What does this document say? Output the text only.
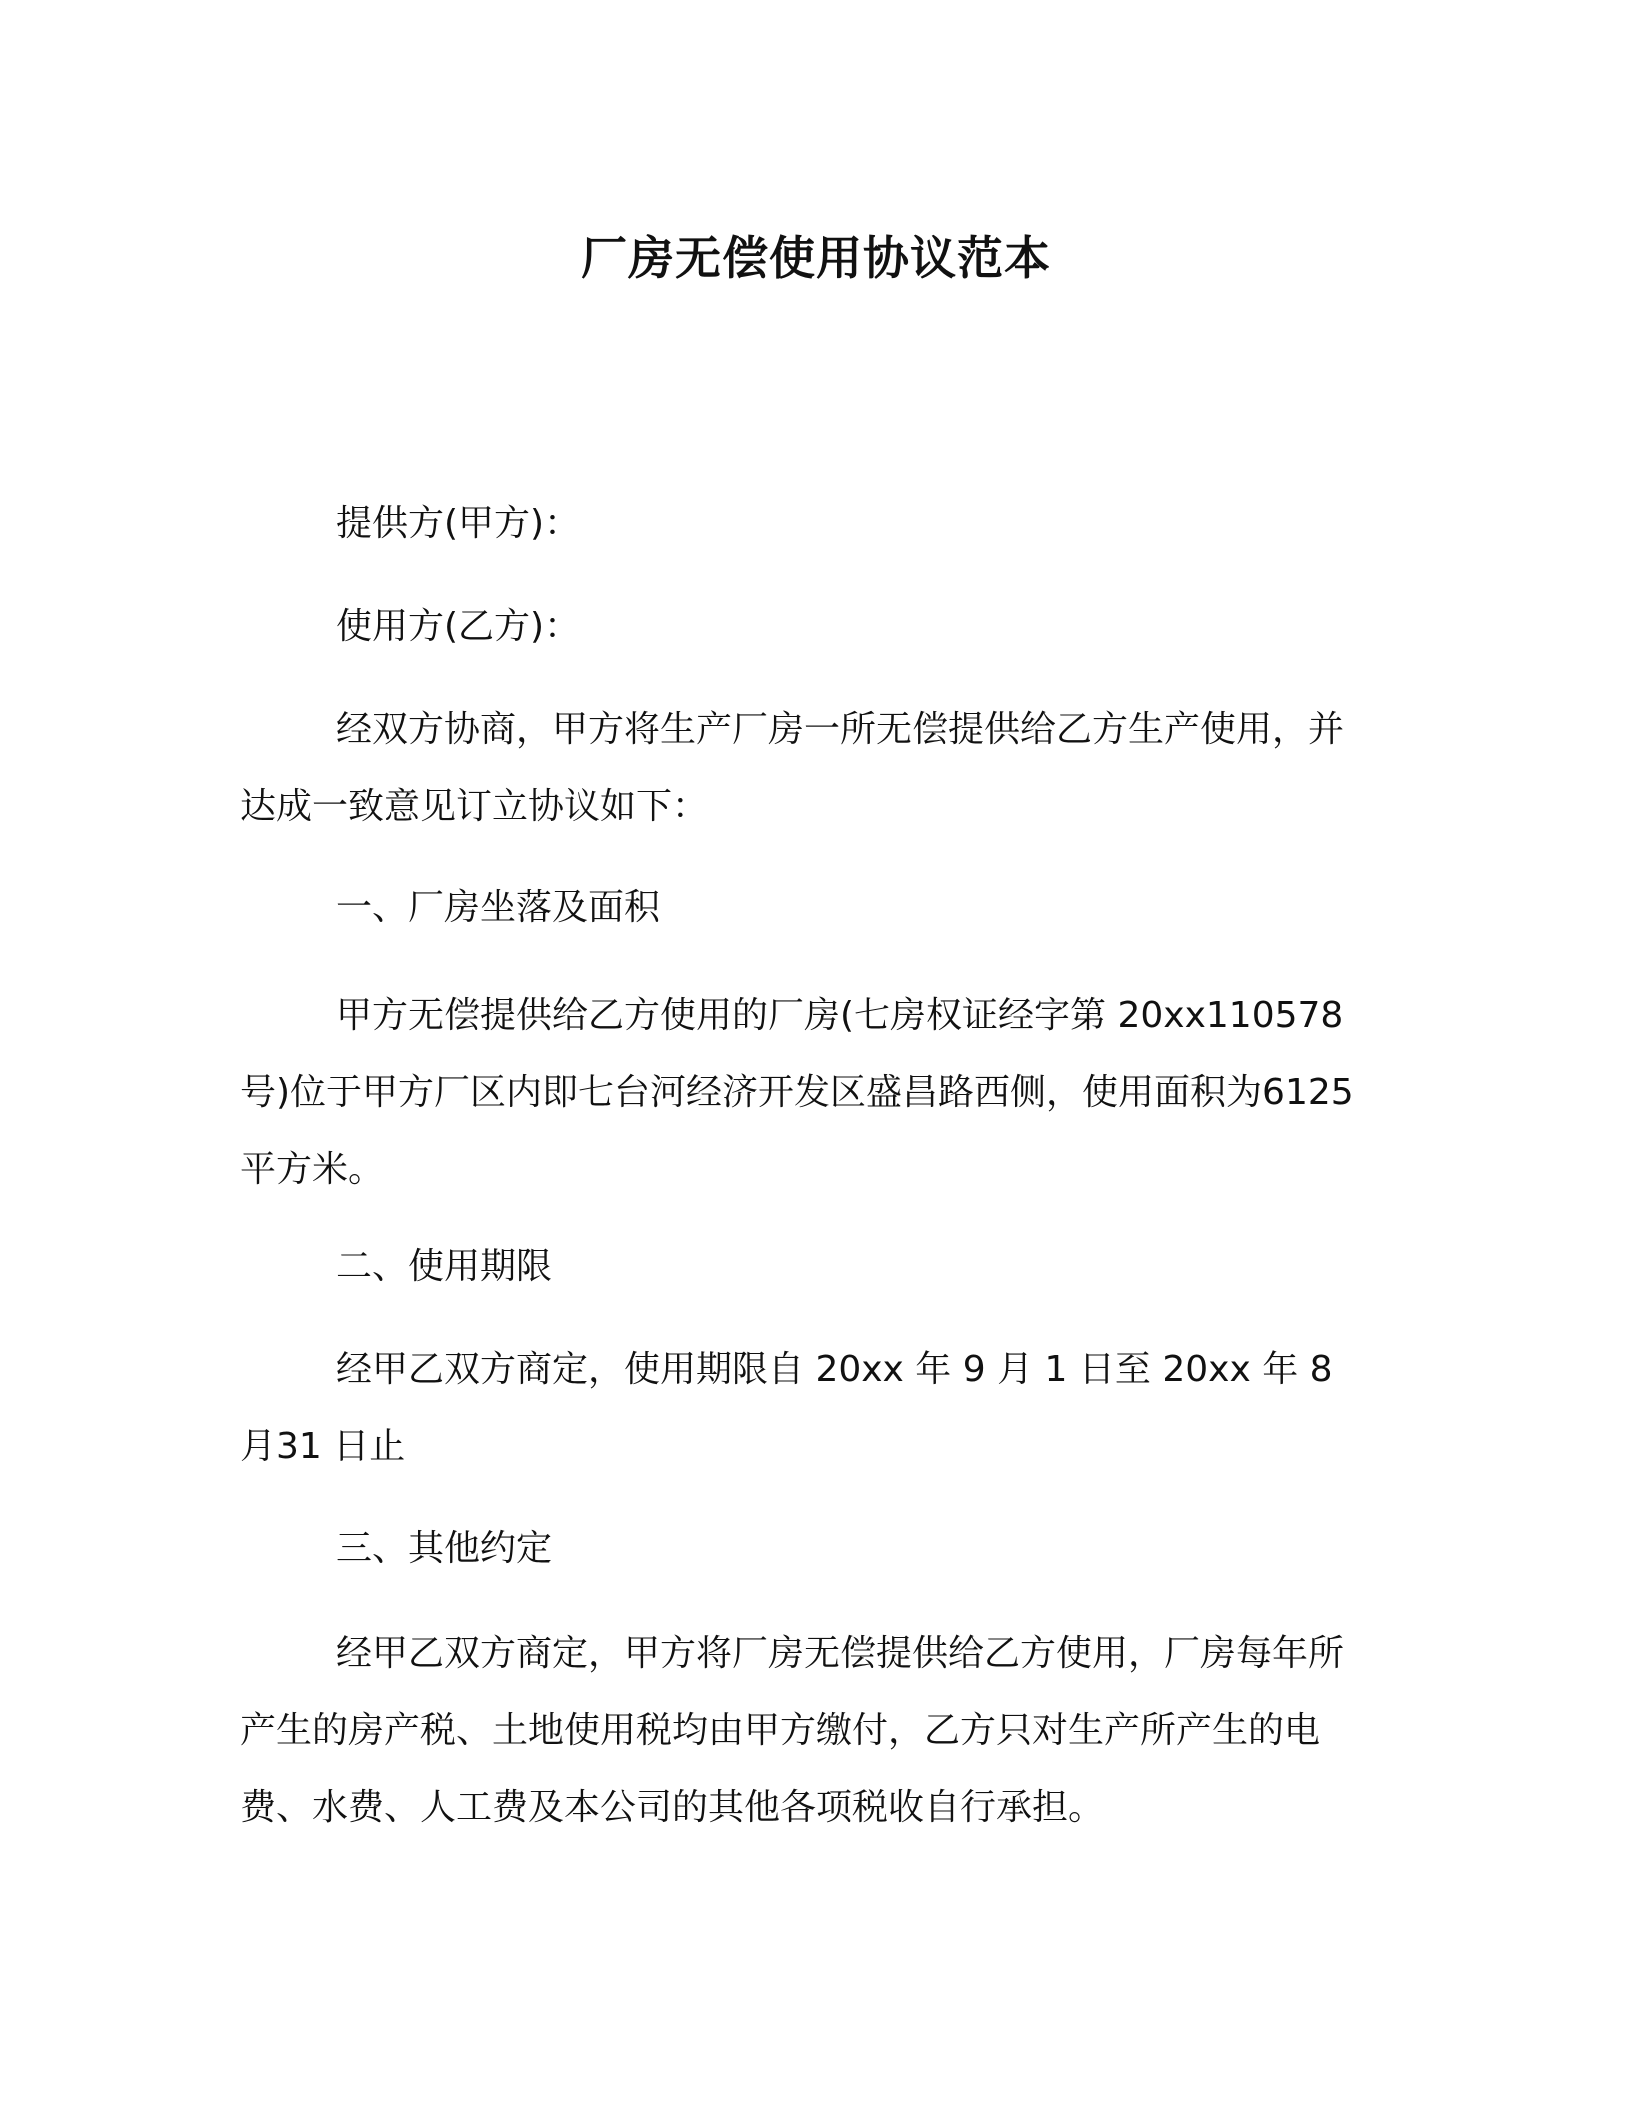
厂房无偿使用协议范本

提供方(甲方)：

使用方(乙方)：

经双方协商，甲方将生产厂房一所无偿提供给乙方生产使用，并达成一致意见订立协议如下：

一、厂房坐落及面积

甲方无偿提供给乙方使用的厂房(七房权证经字第 20xx110578号)位于甲方厂区内即七台河经济开发区盛昌路西侧，使用面积为6125 平方米。

二、使用期限

经甲乙双方商定，使用期限自 20xx 年 9 月 1 日至 20xx 年 8 月31 日止

三、其他约定

经甲乙双方商定，甲方将厂房无偿提供给乙方使用，厂房每年所产生的房产税、土地使用税均由甲方缴付，乙方只对生产所产生的电费、水费、人工费及本公司的其他各项税收自行承担。
